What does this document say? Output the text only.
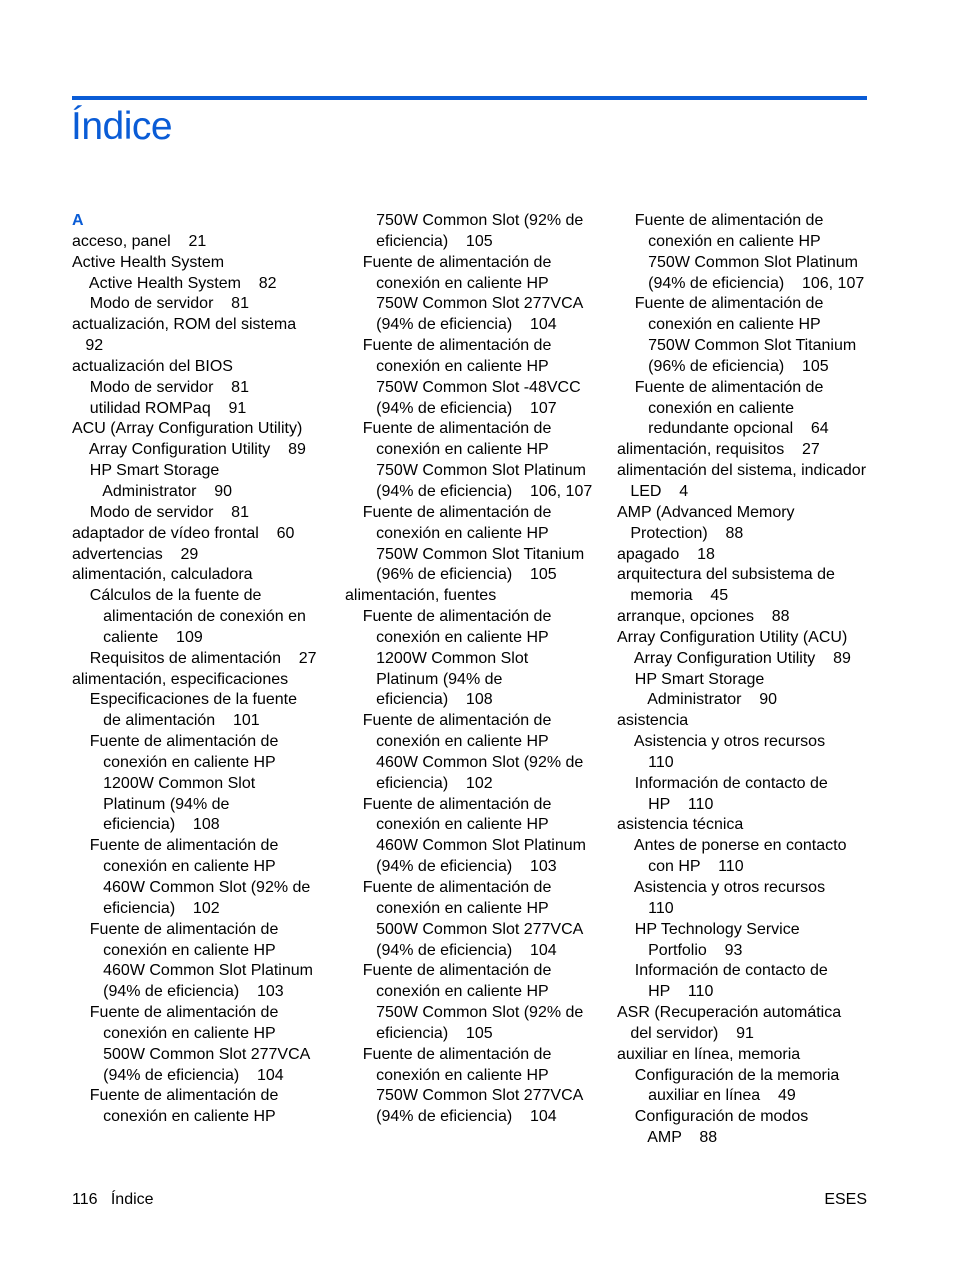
Índice
A
acceso, panel    21
Active Health System
Active Health System    82
Modo de servidor    81
actualización, ROM del sistema
92
actualización del BIOS
Modo de servidor    81
utilidad ROMPaq    91
ACU (Array Configuration Utility)
Array Configuration Utility    89
HP Smart Storage
Administrator    90
Modo de servidor    81
adaptador de vídeo frontal    60
advertencias    29
alimentación, calculadora
Cálculos de la fuente de
alimentación de conexión en
caliente    109
Requisitos de alimentación    27
alimentación, especificaciones
Especificaciones de la fuente
de alimentación    101
Fuente de alimentación de
conexión en caliente HP
1200W Common Slot
Platinum (94% de
eficiencia)    108
Fuente de alimentación de
conexión en caliente HP
460W Common Slot (92% de
eficiencia)    102
Fuente de alimentación de
conexión en caliente HP
460W Common Slot Platinum
(94% de eficiencia)    103
Fuente de alimentación de
conexión en caliente HP
500W Common Slot 277VCA
(94% de eficiencia)    104
Fuente de alimentación de
conexión en caliente HP
750W Common Slot (92% de
eficiencia)    105
Fuente de alimentación de
conexión en caliente HP
750W Common Slot 277VCA
(94% de eficiencia)    104
Fuente de alimentación de
conexión en caliente HP
750W Common Slot -48VCC
(94% de eficiencia)    107
Fuente de alimentación de
conexión en caliente HP
750W Common Slot Platinum
(94% de eficiencia)    106, 107
Fuente de alimentación de
conexión en caliente HP
750W Common Slot Titanium
(96% de eficiencia)    105
alimentación, fuentes
Fuente de alimentación de
conexión en caliente HP
1200W Common Slot
Platinum (94% de
eficiencia)    108
Fuente de alimentación de
conexión en caliente HP
460W Common Slot (92% de
eficiencia)    102
Fuente de alimentación de
conexión en caliente HP
460W Common Slot Platinum
(94% de eficiencia)    103
Fuente de alimentación de
conexión en caliente HP
500W Common Slot 277VCA
(94% de eficiencia)    104
Fuente de alimentación de
conexión en caliente HP
750W Common Slot (92% de
eficiencia)    105
Fuente de alimentación de
conexión en caliente HP
750W Common Slot 277VCA
(94% de eficiencia)    104
Fuente de alimentación de
conexión en caliente HP
750W Common Slot Platinum
(94% de eficiencia)    106, 107
Fuente de alimentación de
conexión en caliente HP
750W Common Slot Titanium
(96% de eficiencia)    105
Fuente de alimentación de
conexión en caliente
redundante opcional    64
alimentación, requisitos    27
alimentación del sistema, indicador
LED    4
AMP (Advanced Memory
Protection)    88
apagado    18
arquitectura del subsistema de
memoria    45
arranque, opciones    88
Array Configuration Utility (ACU)
Array Configuration Utility    89
HP Smart Storage
Administrator    90
asistencia
Asistencia y otros recursos
110
Información de contacto de
HP    110
asistencia técnica
Antes de ponerse en contacto
con HP    110
Asistencia y otros recursos
110
HP Technology Service
Portfolio    93
Información de contacto de
HP    110
ASR (Recuperación automática
del servidor)    91
auxiliar en línea, memoria
Configuración de la memoria
auxiliar en línea    49
Configuración de modos
AMP    88
116   Índice	ESES
